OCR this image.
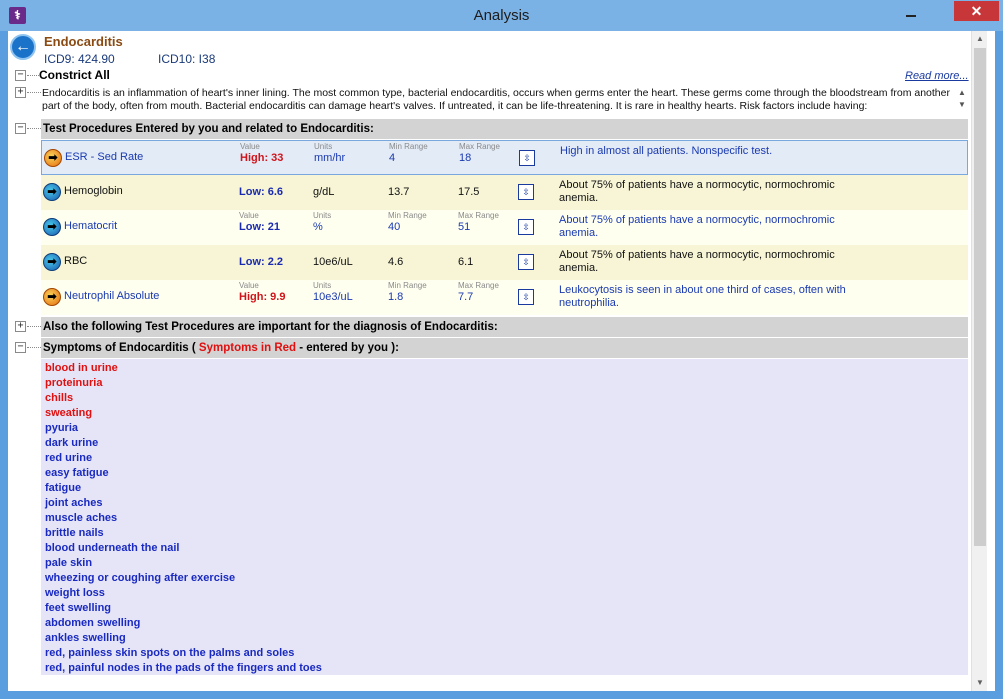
⚕	Analysis	✕
←	Endocarditis
ICD9: 424.90	ICD10: I38
− Constrict All	Read more...
+ Endocarditis is an inflammation of heart's inner lining. The most common type, bacterial endocarditis, occurs when germs enter the heart. These germs come through the bloodstream from another part of the body, often from mouth. Bacterial endocarditis can damage heart's valves. If untreated, it can be life-threatening. It is rare in healthy hearts. Risk factors include having:
▲
▼
− Test Procedures Entered by you and related to Endocarditis:
➡ ESR - Sed Rate
Value	Units	Min Range	Max Range
High: 33	mm/hr	4	18	⇳
High in almost all patients. Nonspecific test.
➡ Hemoglobin	Low: 6.6	g/dL	13.7	17.5	⇳
About 75% of patients have a normocytic, normochromic anemia.
➡ Hematocrit
Value	Units	Min Range	Max Range
Low: 21	%	40	51	⇳
About 75% of patients have a normocytic, normochromic anemia.
➡ RBC	Low: 2.2	10e6/uL	4.6	6.1	⇳
About 75% of patients have a normocytic, normochromic anemia.
➡ Neutrophil Absolute
Value	Units	Min Range	Max Range
High: 9.9	10e3/uL	1.8	7.7	⇳
Leukocytosis is seen in about one third of cases, often with neutrophilia.
+ Also the following Test Procedures are important for the diagnosis of Endocarditis:
− Symptoms of Endocarditis ( Symptoms in Red - entered by you ):
blood in urine
proteinuria
chills
sweating
pyuria
dark urine
red urine
easy fatigue
fatigue
joint aches
muscle aches
brittle nails
blood underneath the nail
pale skin
wheezing or coughing after exercise
weight loss
feet swelling
abdomen swelling
ankles swelling
red, painless skin spots on the palms and soles
red, painful nodes in the pads of the fingers and toes
▲
▼
